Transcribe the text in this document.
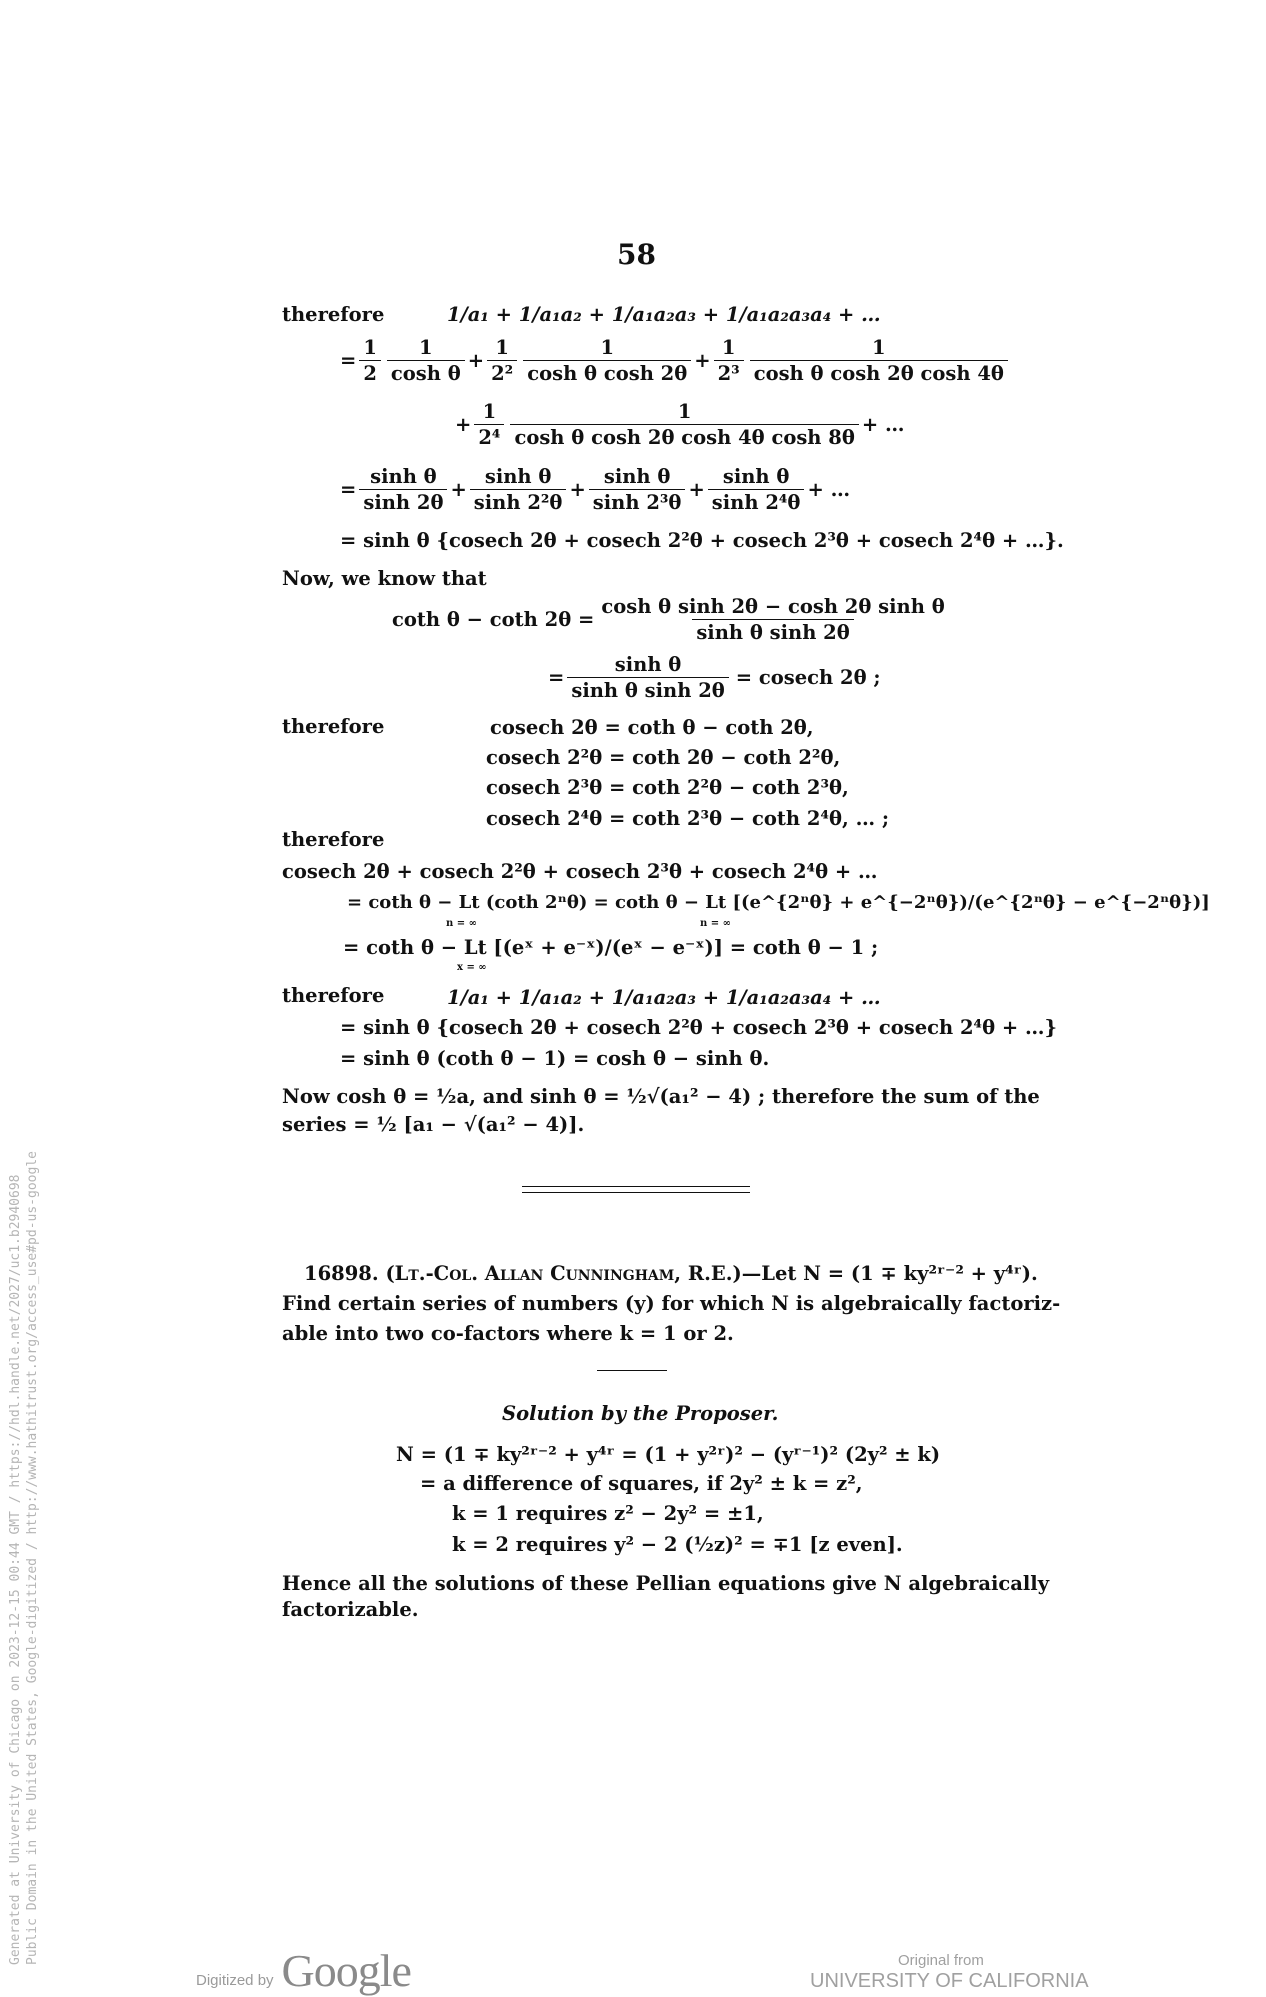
58
therefore	1/a₁ + 1/a₁a₂ + 1/a₁a₂a₃ + 1/a₁a₂a₃a₄ + …
= $\frac{1}{2} \frac{1}{\text{cosh θ}} + \frac{1}{\text{2²}} \frac{1}{\text{cosh θ cosh 2θ}} + \frac{1}{\text{2³}} \frac{1}{\text{cosh θ cosh 2θ cosh 4θ}}$
+ $\frac{1}{\text{2⁴}} \frac{1}{\text{cosh θ cosh 2θ cosh 4θ cosh 8θ}}$ + …
= $\frac{\text{sinh θ}}{\sinh 2\theta} + \frac{\text{sinh θ}}{\text{sinh 2²θ}} + \frac{\text{sinh θ}}{\text{sinh 2³θ}} + \frac{\text{sinh θ}}{\text{sinh 2⁴θ}}$ + …
= sinh θ {cosech 2θ + cosech 2²θ + cosech 2³θ + cosech 2⁴θ + …}.
Now, we know that
coth θ − coth $2\theta = \frac{\text{cosh θ sinh 2θ − cosh 2θ sinh θ}}{\text{sinh θ sinh 2θ}}$
= $\frac{\text{sinh θ}}{\text{sinh θ sinh 2θ}} = cosech$ 2θ ;
therefore	cosech 2θ = coth θ − coth 2θ,
cosech 2²θ = coth 2θ − coth 2²θ,
cosech 2³θ = coth 2²θ − coth 2³θ,
cosech 2⁴θ = coth 2³θ − coth 2⁴θ, … ;
therefore
cosech 2θ + cosech 2²θ + cosech 2³θ + cosech 2⁴θ + …
= coth θ − Lt (coth 2ⁿθ) = coth θ − Lt [(e^{2ⁿθ} + e^{−2ⁿθ})/(e^{2ⁿθ} − e^{−2ⁿθ})]
n = ∞	n = ∞
= coth θ − Lt [(eˣ + e⁻ˣ)/(eˣ − e⁻ˣ)] = coth θ − 1 ;
x = ∞
therefore	1/a₁ + 1/a₁a₂ + 1/a₁a₂a₃ + 1/a₁a₂a₃a₄ + …
= sinh θ {cosech 2θ + cosech 2²θ + cosech 2³θ + cosech 2⁴θ + …}
= sinh θ (coth θ − 1) = cosh θ − sinh θ.
Now cosh θ = ½a, and sinh θ = ½√(a₁² − 4) ; therefore the sum of the
series = ½ [a₁ − √(a₁² − 4)].
16898. (Lt.-Col. Allan Cunningham, R.E.)—Let N = (1 ∓ ky²ʳ⁻² + y⁴ʳ).
Find certain series of numbers (y) for which N is algebraically factoriz-
able into two co-factors where k = 1 or 2.
Solution by the Proposer.
N = (1 ∓ ky²ʳ⁻² + y⁴ʳ = (1 + y²ʳ)² − (yʳ⁻¹)² (2y² ± k)
= a difference of squares, if 2y² ± k = z²,
k = 1 requires z² − 2y² = ±1,
k = 2 requires y² − 2 (½z)² = ∓1 [z even].
Hence all the solutions of these Pellian equations give N algebraically
factorizable.
Generated at University of Chicago on 2023-12-15 00:44 GMT / https://hdl.handle.net/2027/uc1.b2940698 Public Domain in the United States, Google-digitized / http://www.hathitrust.org/access_use#pd-us-google
Digitized by Google	Original from
UNIVERSITY OF CALIFORNIA
